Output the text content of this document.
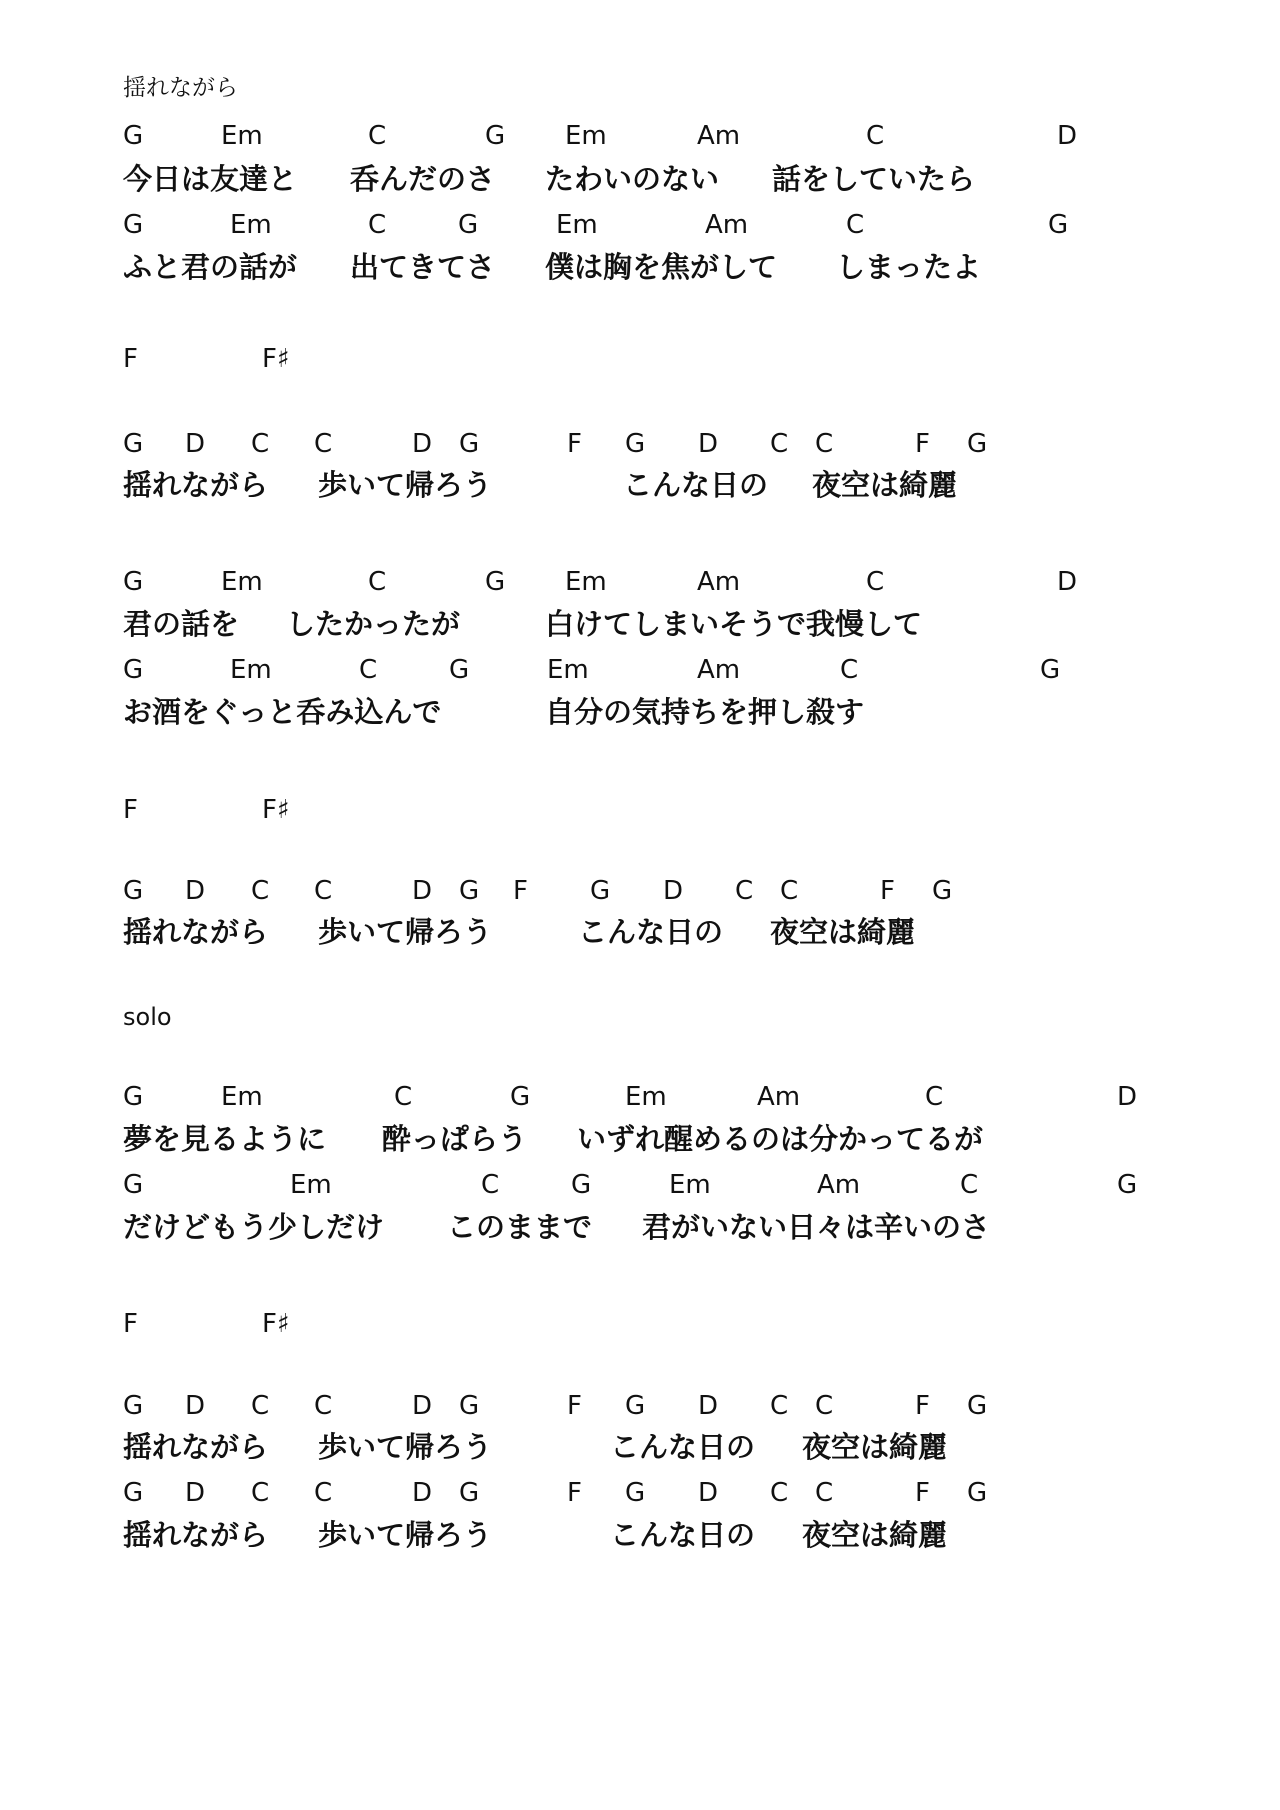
揺れながら
G	Em	C	G Em	Am	C	D
今日は友達と 呑んだのさ たわいのない 話をしていたら
G	Em	C	G	Em	Am	C	G
ふと君の話が 出てきてさ 僕は胸を焦がして しまったよ
F	F♯
G D C C	D G	F G D C C	F G
揺れながら 歩いて帰ろう	こんな日の 夜空は綺麗
G	Em	C	G Em	Am	C	D
君の話を したかったが	白けてしまいそうで我慢して
G	Em	C	G	Em	Am	C	G
お酒をぐっと呑み込んで	自分の気持ちを押し殺す
F	F♯
G D C C	D G F G D C C	F G
揺れながら 歩いて帰ろう	こんな日の 夜空は綺麗
solo
G	Em	C	G	Em	Am	C	D
夢を見るように 酔っぱらう いずれ醒めるのは分かってるが
G	Em	C	G	Em	Am	C	G
だけどもう少しだけ このままで 君がいない日々は辛いのさ
F	F♯
G D C C	D G	F G D C C	F G
揺れながら 歩いて帰ろう	こんな日の 夜空は綺麗
G D C C	D G	F G D C C	F G
揺れながら 歩いて帰ろう	こんな日の 夜空は綺麗
